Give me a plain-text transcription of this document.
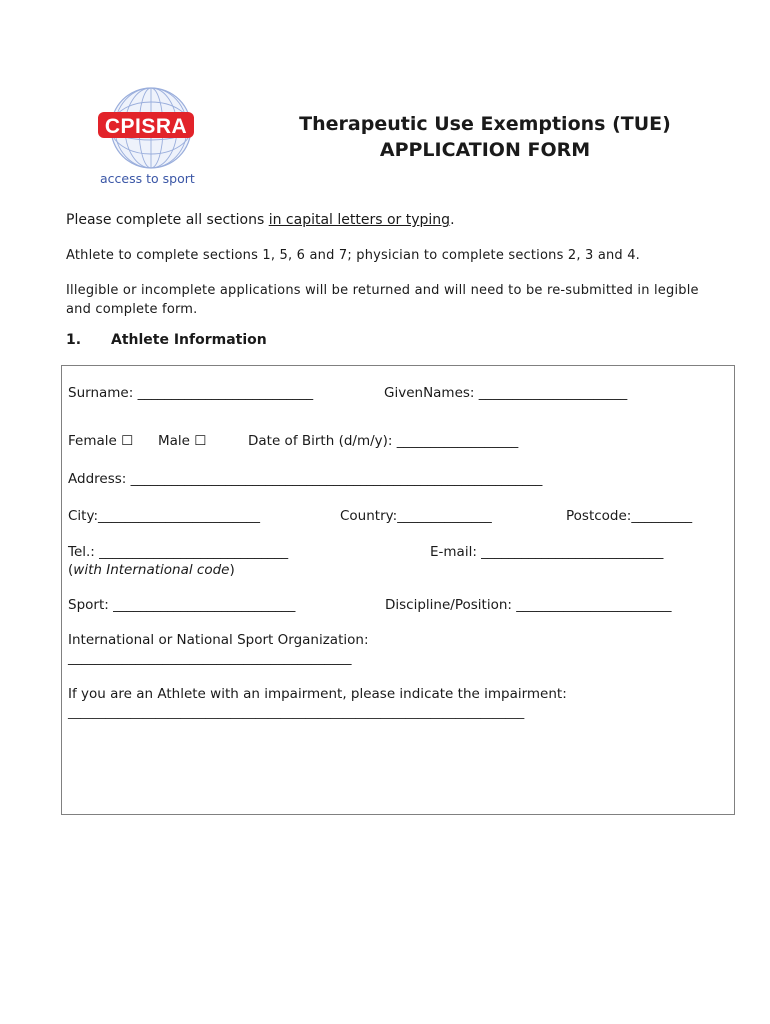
CPISRA
access to sport
Therapeutic Use Exemptions (TUE)
APPLICATION FORM
Please complete all sections in capital letters or typing.
Athlete to complete sections 1, 5, 6 and 7; physician to complete sections 2, 3 and 4.
Illegible or incomplete applications will be returned and will need to be re-submitted in legible and complete form.
1. Athlete Information
Surname: __________________________	GivenNames: ______________________
Female ☐ Male ☐	Date of Birth (d/m/y): __________________
Address: _____________________________________________________________
City:________________________	Country:______________	Postcode:_________
Tel.: ____________________________
(with International code)
E-mail: ___________________________
Sport: ___________________________	Discipline/Position: _______________________
International or National Sport Organization:
__________________________________________
If you are an Athlete with an impairment, please indicate the impairment:
_________________________________________________________________________
